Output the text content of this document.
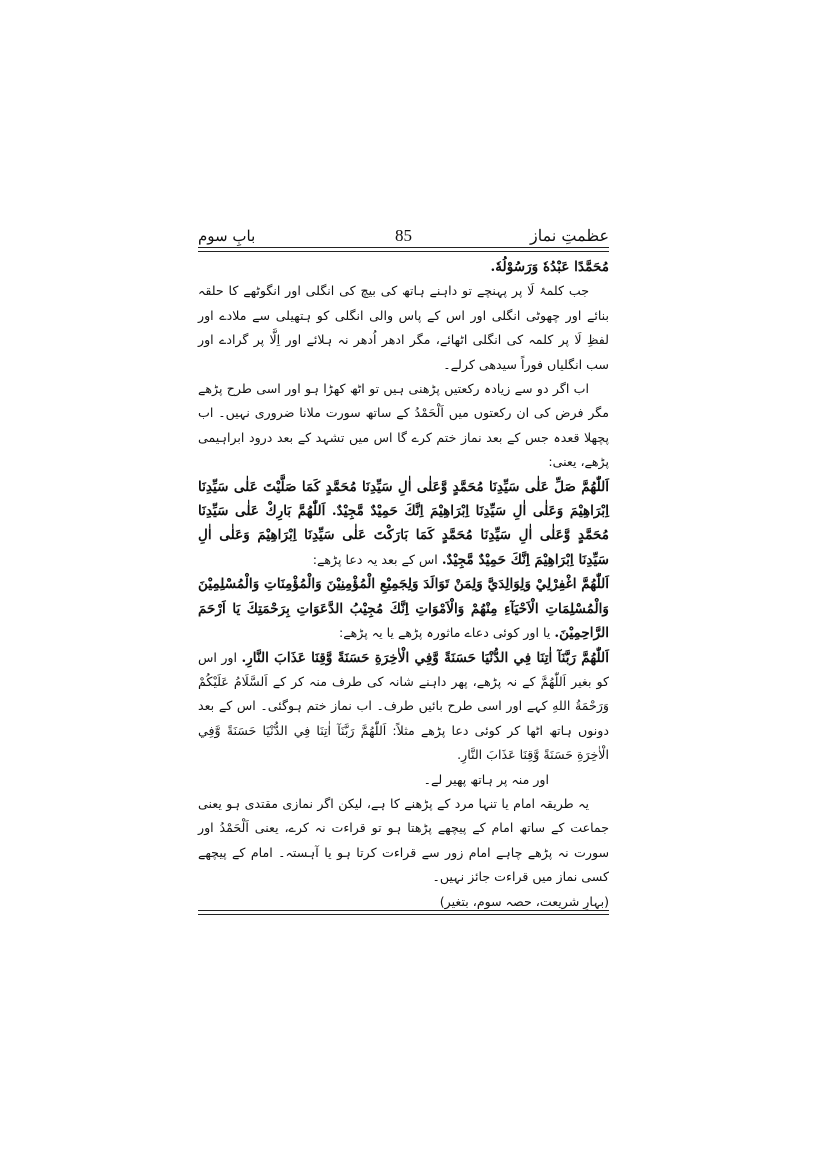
عظمتِ نماز
85
بابِ سوم

مُحَمَّدًا عَبْدُهٗ وَرَسُوْلُهٗ.

جب کلمۂ لَا پر پہنچے تو داہنے ہاتھ کی بیچ کی انگلی اور انگوٹھے کا حلقہ بنائے اور چھوٹی انگلی اور اس کے پاس والی انگلی کو ہتھیلی سے ملادے اور لفظِ لَا پر کلمہ کی انگلی اٹھائے، مگر ادھر اُدھر نہ ہلائے اور اِلَّا پر گرادے اور سب انگلیاں فوراً سیدھی کرلے۔

اب اگر دو سے زیادہ رکعتیں پڑھنی ہیں تو اٹھ کھڑا ہو اور اسی طرح پڑھے مگر فرض کی ان رکعتوں میں اَلْحَمْدُ کے ساتھ سورت ملانا ضروری نہیں۔ اب پچھلا قعدہ جس کے بعد نماز ختم کرے گا اس میں تشہد کے بعد درود ابراہیمی پڑھے، یعنی:

اَللّٰهُمَّ صَلِّ عَلٰى سَيِّدِنَا مُحَمَّدٍ وَّعَلٰى اٰلِ سَيِّدِنَا مُحَمَّدٍ كَمَا صَلَّيْتَ عَلٰى سَيِّدِنَا اِبْرَاهِيْمَ وَعَلٰى اٰلِ سَيِّدِنَا اِبْرَاهِيْمَ اِنَّكَ حَمِيْدٌ مَّجِيْدٌ. اَللّٰهُمَّ بَارِكْ عَلٰى سَيِّدِنَا مُحَمَّدٍ وَّعَلٰى اٰلِ سَيِّدِنَا مُحَمَّدٍ كَمَا بَارَكْتَ عَلٰى سَيِّدِنَا اِبْرَاهِيْمَ وَعَلٰى اٰلِ سَيِّدِنَا اِبْرَاهِيْمَ اِنَّكَ حَمِيْدٌ مَّجِيْدٌ. اس کے بعد یہ دعا پڑھے:

اَللّٰهُمَّ اغْفِرْلِيْ وَلِوَالِدَيَّ وَلِمَنْ تَوَالَدَ وَلِجَمِيْعِ الْمُؤْمِنِيْنَ وَالْمُؤْمِنَاتِ وَالْمُسْلِمِيْنَ وَالْمُسْلِمَاتِ الْاَحْيَآءِ مِنْهُمْ وَالْاَمْوَاتِ اِنَّكَ مُجِيْبُ الدَّعَوَاتِ بِرَحْمَتِكَ يَا اَرْحَمَ الرَّاحِمِيْنَ. یا اور کوئی دعاے ماثورہ پڑھے یا یہ پڑھے:

اَللّٰهُمَّ رَبَّنَآ اٰتِنَا فِي الدُّنْيَا حَسَنَةً وَّفِي الْاٰخِرَةِ حَسَنَةً وَّقِنَا عَذَابَ النَّارِ. اور اس کو بغیر اَللّٰهُمَّ کے نہ پڑھے، پھر داہنے شانہ کی طرف منہ کر کے اَلسَّلَامُ عَلَيْكُمْ وَرَحْمَةُ اللهِ کہے اور اسی طرح بائیں طرف۔ اب نماز ختم ہوگئی۔ اس کے بعد دونوں ہاتھ اٹھا کر کوئی دعا پڑھے مثلاً: اَللّٰهُمَّ رَبَّنَآ اٰتِنَا فِي الدُّنْيَا حَسَنَةً وَّفِي الْاٰخِرَةِ حَسَنَةً وَّقِنَا عَذَابَ النَّارِ.

اور منہ پر ہاتھ پھیر لے۔

یہ طریقہ امام یا تنہا مرد کے پڑھنے کا ہے، لیکن اگر نمازی مقتدی ہو یعنی جماعت کے ساتھ امام کے پیچھے پڑھتا ہو تو قراءت نہ کرے، یعنی اَلْحَمْدُ اور سورت نہ پڑھے چاہے امام زور سے قراءت کرتا ہو یا آہستہ۔ امام کے پیچھے کسی نماز میں قراءت جائز نہیں۔

(بہارِ شریعت، حصہ سوم، بتغیر)
